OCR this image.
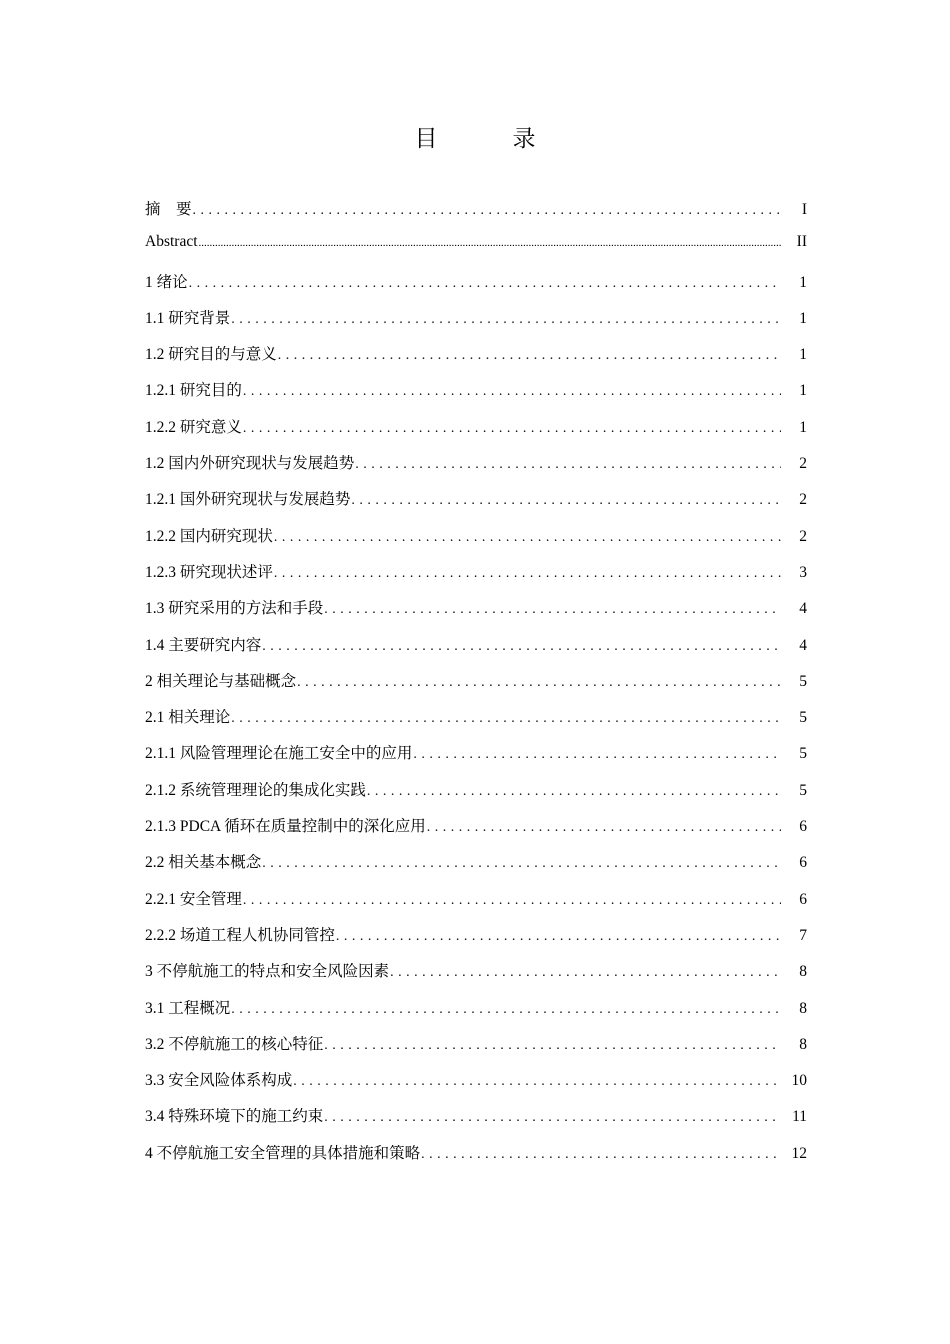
目　录
摘　要 . . .	I
Abstract .....	II
1 绪论 . . .	1
1.1 研究背景 . . .	1
1.2 研究目的与意义 . . .	1
1.2.1 研究目的 . . .	1
1.2.2 研究意义 . . .	1
1.2 国内外研究现状与发展趋势 . . .	2
1.2.1 国外研究现状与发展趋势 . . .	2
1.2.2 国内研究现状 . . .	2
1.2.3 研究现状述评 . . .	3
1.3 研究采用的方法和手段 . . .	4
1.4 主要研究内容 . . .	4
2 相关理论与基础概念 . . .	5
2.1 相关理论 . . .	5
2.1.1 风险管理理论在施工安全中的应用 . . .	5
2.1.2 系统管理理论的集成化实践 . . .	5
2.1.3 PDCA 循环在质量控制中的深化应用 . . .	6
2.2 相关基本概念 . . .	6
2.2.1 安全管理 . . .	6
2.2.2 场道工程人机协同管控 . . .	7
3 不停航施工的特点和安全风险因素 . . .	8
3.1 工程概况 . . .	8
3.2 不停航施工的核心特征 . . .	8
3.3 安全风险体系构成 . . .	10
3.4 特殊环境下的施工约束 . . .	11
4 不停航施工安全管理的具体措施和策略 . . .	12
